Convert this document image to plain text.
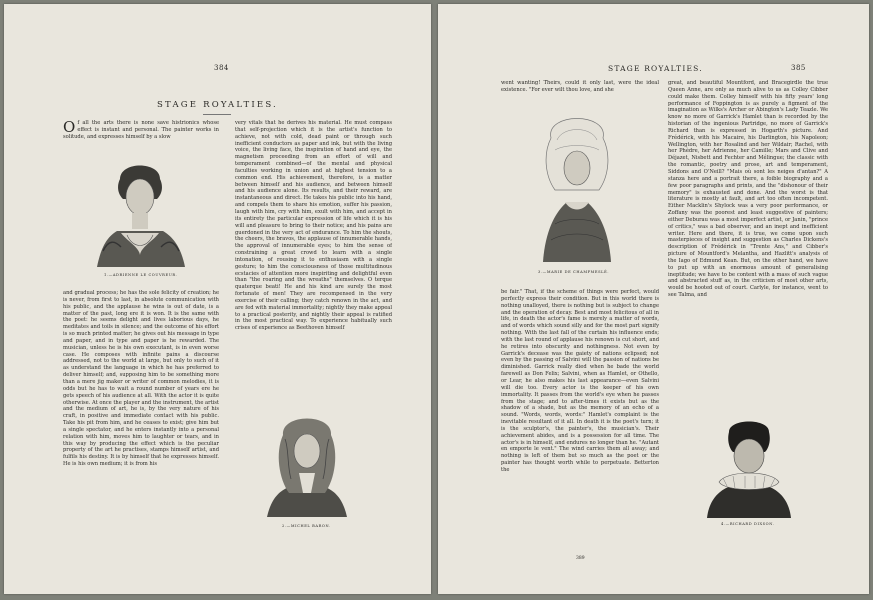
384
STAGE ROYALTIES.

Of all the arts there is none save histrionics whose effect is instant and personal. The painter works in solitude, and expresses himself by a slow

1.—ADRIENNE LE COUVREUR.

and gradual process; he has the sole felicity of creation; he is never, from first to last, in absolute communication with his public, and the applause he wins is out of date, is a matter of the past, long ere it is won. It is the same with the poet: he seems delight and lives laborious days, he meditates and toils in silence; and the outcome of his effort is so much printed matter; he gives out his message in type and paper, and in type and paper is he rewarded. The musician, unless he is his own executant, is in even worse case. He composes with infinite pains a discourse addressed, not to the world at large, but only to such of it as understand the language in which he has preferred to deliver himself; and, supposing him to be something more than a mere jig maker or writer of common melodies, it is odds but he has to wait a round number of years ere he gets speech of his audience at all. With the actor it is quite otherwise. At once the player and the instrument, the artist and the medium of art, he is, by the very nature of his craft, in positive and immediate contact with his public. Take his pit from him, and he ceases to exist; give him but a single spectator, and he enters instantly into a personal relation with him, moves him to laughter or tears, and in this way by producing the effect which is the peculiar property of the art he practises, stamps himself artist, and fulfils his destiny. It is by himself that he expresses himself. He is his own medium; it is from his

very vitals that he derives his material. He must compass that self-projection which it is the artist's function to achieve, not with cold, dead paint or through such inefficient conductors as paper and ink, but with the living voice, the living face, the inspiration of hand and eye, the magnetism proceeding from an effort of will and temperament combined—of the mental and physical faculties working in union and at highest tension to a common end. His achievement, therefore, is a matter between himself and his audience, and between himself and his audience alone. Its results, and their reward, are instantaneous and direct. He takes his public into his hand, and compels them to share his emotion, suffer his passion, laugh with him, cry with him, exult with him, and accept in its entirety the particular expression of life which it is his will and pleasure to bring to their notice; and his pains are guerdoned in the very act of endurance. To him the shouts, the cheers, the bravos, the applause of innumerable hands, the approval of innumerable eyes; to him the sense of constraining a great crowd to learn with a single intonation, of rousing it to enthusiasm with a single gesture; to him the consciousness of those multitudinous ecstacies of attention more inspiriting and delightful even than "the roaring and the wreaths" themselves. O terque quaterque beati! He and his kind are surely the most fortunate of men! They are recompensed in the very exercise of their calling; they catch renown in the act, and are fed with material immortality; nightly they make appeal to a practical posterity, and nightly their appeal is ratified in the most practical way. To experience habitually such crises of experience as Beethoven himself

2.—MICHEL BARON.
STAGE ROYALTIES.	385

went wanting! Theirs, could it only last, were the ideal existence. "For ever wilt thou love, and she

3.—MARIE DE CHAMPMESLÉ.

be fair." That, if the scheme of things were perfect, would perfectly express their condition. But in this world there is nothing unalloyed, there is nothing but is subject to change and the operation of decay. Best and most felicitous of all in life, in death the actor's fame is merely a matter of words, and of words which sound silly and for the most part signify nothing. With the last fall of the curtain his influence ends; with the last round of applause his renown is cut short, and he retires into obscurity and nothingness. Not even by Garrick's decease was the gaiety of nations eclipsed; not even by the passing of Salvini will the passion of nations be diminished. Garrick really died when he bade the world farewell as Don Felix; Salvini, when as Hamlet, or Othello, or Lear, he also makes his last appearance—even Salvini will die too. Every actor is the keeper of his own immortality. It passes from the world's eye when he passes from the stage; and to after-times it exists but as the shadow of a shade, but as the memory of an echo of a sound. "Words, words, words:" Hamlet's complaint is the inevitable resultant of it all. In death it is the poet's turn; it is the sculptor's, the painter's, the musician's. Their achievement abides, and is a possession for all time. The actor's is in himself, and endures no longer than he. "Autant en emporte le vent." The wind carries them all away; and nothing is left of them but so much as the poet or the painter has thought worth while to perpetuate. Betterton the

389

great, and beautiful Mountford, and Bracegirdle the true Queen Anne, are only as much alive to us as Colley Cibber could make them. Colley himself with his fifty years' long performance of Foppington is as purely a figment of the imagination as Wilks's Archer or Abington's Lady Teazle. We know no more of Garrick's Hamlet than is recorded by the historian of the ingenious Partridge, no more of Garrick's Richard than is expressed in Hogarth's picture. And Frédérick, with his Macaire, his Darlington, his Napoleon; Wellington, with her Rosalind and her Wildair; Rachel, with her Phèdre, her Adrienne, her Camille; Mars and Clive and Déjazet, Nisbett and Fechter and Mélingue; the classic with the romantic, poetry and prose, art and temperament, Siddons and O'Neill? "Mais où sont les neiges d'antan?" A stanza here and a portrait there, a foible biography and a few poor paragraphs and prints, and the "dishonour of their memory" is exhausted and done. And the worst is that literature is mostly at fault, and art too often incompetent. Either Macklin's Shylock was a very poor performance, or Zoffany was the poorest and least suggestive of painters; either Deburau was a most imperfect artist, or Janin, "prince of critics," was a bad observer, and an inept and inefficient writer. Here and there, it is true, we come upon such masterpieces of insight and suggestion as Charles Dickens's description of Frédérick in "Trente Ans," and Cibber's picture of Mountford's Melantha, and Hazlitt's analysis of the Iago of Edmund Kean. But, on the other hand, we have to put up with an enormous amount of generalising ineptitude; we have to be content with a mass of such vague and abstracted stuff as, in the criticism of most other arts, would be hooted out of court. Carlyle, for instance, went to see Talma, and

4.—RICHARD DIXSON.
